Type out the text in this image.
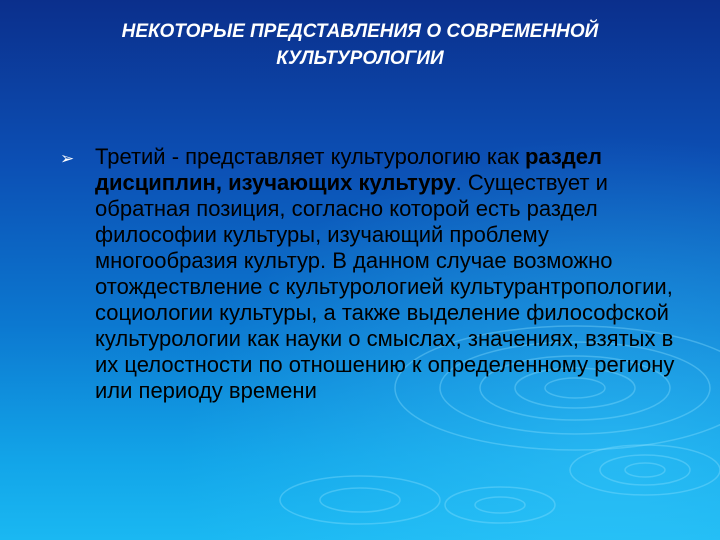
НЕКОТОРЫЕ ПРЕДСТАВЛЕНИЯ О СОВРЕМЕННОЙ
КУЛЬТУРОЛОГИИ
➢ Третий - представляет культурологию как раздел дисциплин, изучающих культуру. Существует и обратная позиция, согласно которой есть раздел философии культуры, изучающий проблему многообразия культур. В данном случае возможно отождествление с культурологией культурантропологии, социологии культуры, а также выделение философской культурологии как науки о смыслах, значениях, взятых в их целостности по отношению к определенному региону или периоду времени
